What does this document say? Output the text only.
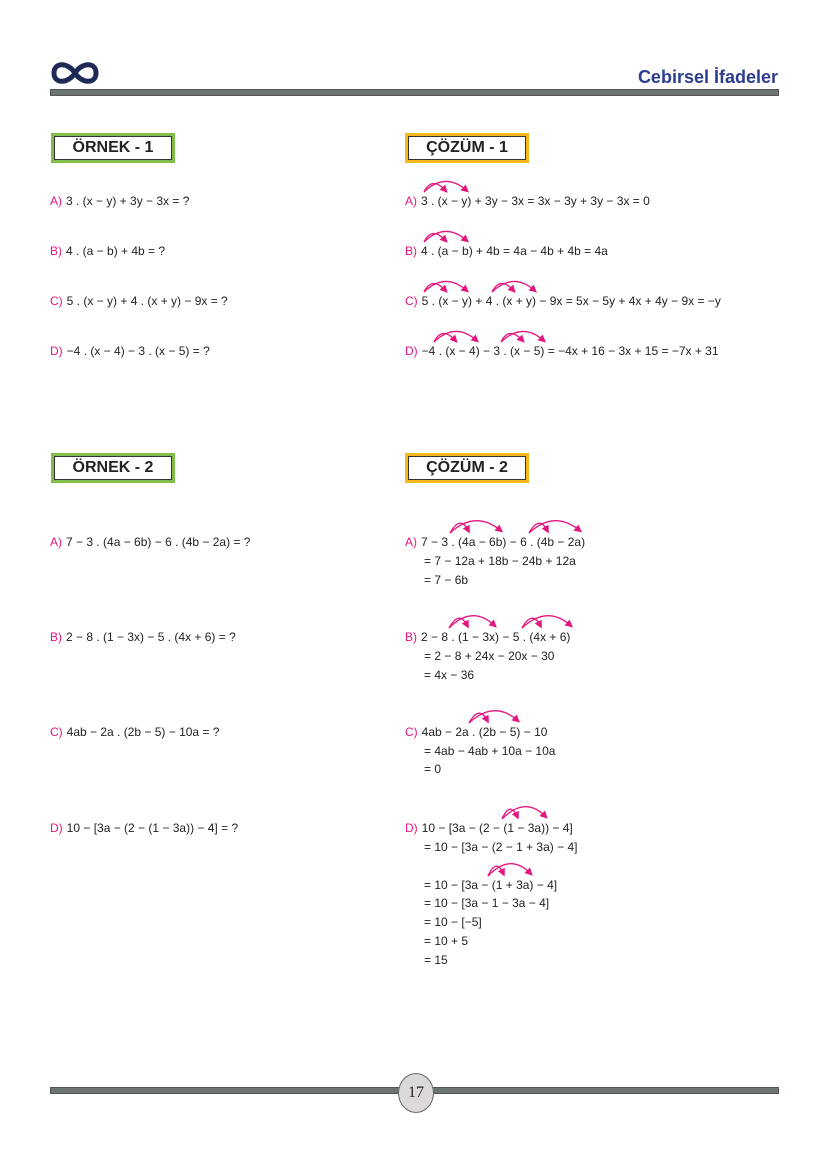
Cebirsel İfadeler
ÖRNEK - 1	ÇÖZÜM - 1
A) 3 . (x − y) + 3y − 3x = ?
B) 4 . (a − b) + 4b = ?
C) 5 . (x − y) + 4 . (x + y) − 9x = ?
D) −4 . (x − 4) − 3 . (x − 5) = ?
A) 3 . (x − y) + 3y − 3x = 3x − 3y + 3y − 3x = 0
B) 4 . (a − b) + 4b = 4a − 4b + 4b = 4a
C) 5 . (x − y) + 4 . (x + y) − 9x = 5x − 5y + 4x + 4y − 9x = −y
D) −4 . (x − 4) − 3 . (x − 5) = −4x + 16 − 3x + 15 = −7x + 31
ÖRNEK - 2	ÇÖZÜM - 2
A) 7 − 3 . (4a − 6b) − 6 . (4b − 2a) = ?
B) 2 − 8 . (1 − 3x) − 5 . (4x + 6) = ?
C) 4ab − 2a . (2b − 5) − 10a = ?
D) 10 − [3a − (2 − (1 − 3a)) − 4] = ?
A) 7 − 3 . (4a − 6b) − 6 . (4b − 2a)
= 7 − 12a + 18b − 24b + 12a
= 7 − 6b
B) 2 − 8 . (1 − 3x) − 5 . (4x + 6)
= 2 − 8 + 24x − 20x − 30
= 4x − 36
C) 4ab − 2a . (2b − 5) − 10
= 4ab − 4ab + 10a − 10a
= 0
D) 10 − [3a − (2 − (1 − 3a)) − 4]
= 10 − [3a − (2 − 1 + 3a) − 4]
= 10 − [3a − (1 + 3a) − 4]
= 10 − [3a − 1 − 3a − 4]
= 10 − [−5]
= 10 + 5
= 15
17
